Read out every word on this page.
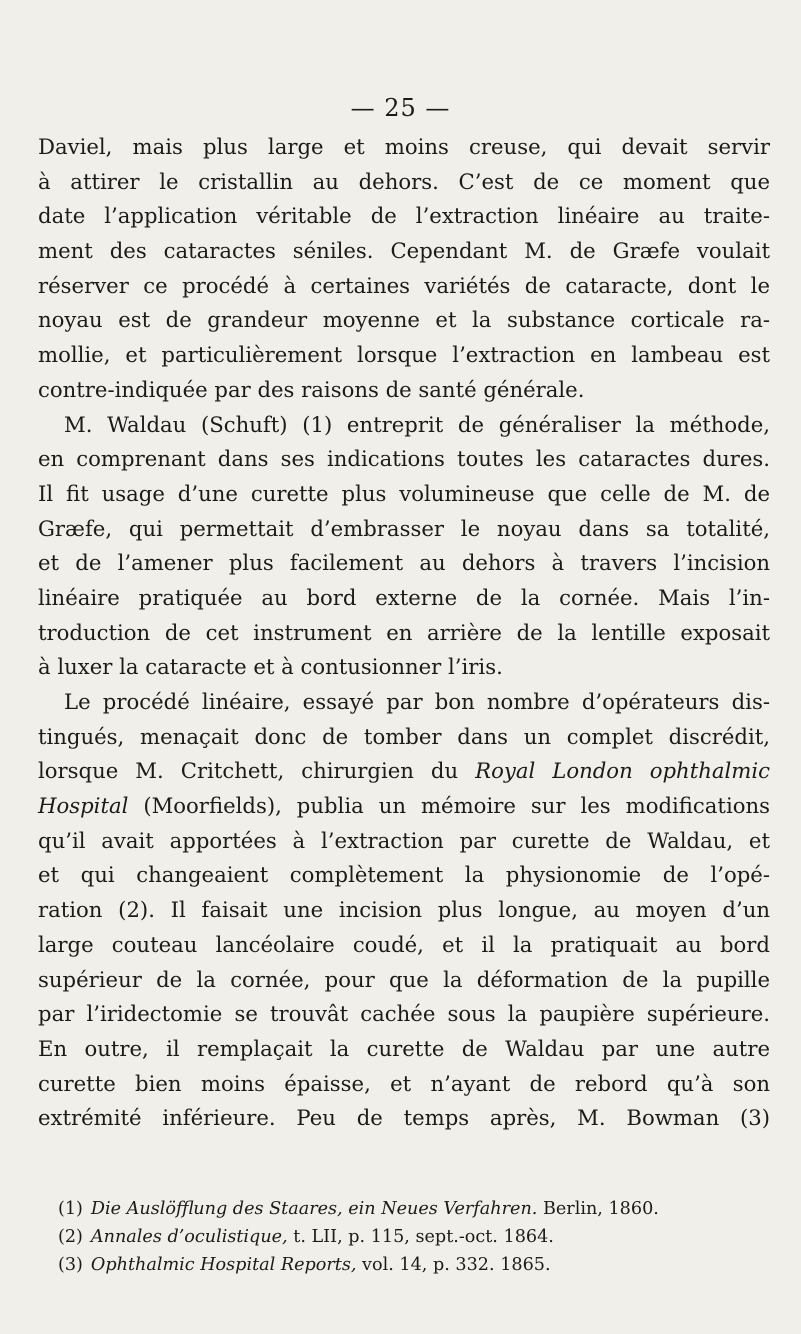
— 25 —
Daviel, mais plus large et moins creuse, qui devait servir
à attirer le cristallin au dehors. C’est de ce moment que
date l’application véritable de l’extraction linéaire au traite-
ment des cataractes séniles. Cependant M. de Græfe voulait
réserver ce procédé à certaines variétés de cataracte, dont le
noyau est de grandeur moyenne et la substance corticale ra-
mollie, et particulièrement lorsque l’extraction en lambeau est
contre-indiquée par des raisons de santé générale.
M. Waldau (Schuft) (1) entreprit de généraliser la méthode,
en comprenant dans ses indications toutes les cataractes dures.
Il fit usage d’une curette plus volumineuse que celle de M. de
Græfe, qui permettait d’embrasser le noyau dans sa totalité,
et de l’amener plus facilement au dehors à travers l’incision
linéaire pratiquée au bord externe de la cornée. Mais l’in-
troduction de cet instrument en arrière de la lentille exposait
à luxer la cataracte et à contusionner l’iris.
Le procédé linéaire, essayé par bon nombre d’opérateurs dis-
tingués, menaçait donc de tomber dans un complet discrédit,
lorsque M. Critchett, chirurgien du Royal London ophthalmic
Hospital (Moorfields), publia un mémoire sur les modifications
qu’il avait apportées à l’extraction par curette de Waldau, et
et qui changeaient complètement la physionomie de l’opé-
ration (2). Il faisait une incision plus longue, au moyen d’un
large couteau lancéolaire coudé, et il la pratiquait au bord
supérieur de la cornée, pour que la déformation de la pupille
par l’iridectomie se trouvât cachée sous la paupière supérieure.
En outre, il remplaçait la curette de Waldau par une autre
curette bien moins épaisse, et n’ayant de rebord qu’à son
extrémité inférieure. Peu de temps après, M. Bowman (3)
(1) Die Auslöfflung des Staares, ein Neues Verfahren. Berlin, 1860.
(2) Annales d’oculistique, t. LII, p. 115, sept.-oct. 1864.
(3) Ophthalmic Hospital Reports, vol. 14, p. 332. 1865.
